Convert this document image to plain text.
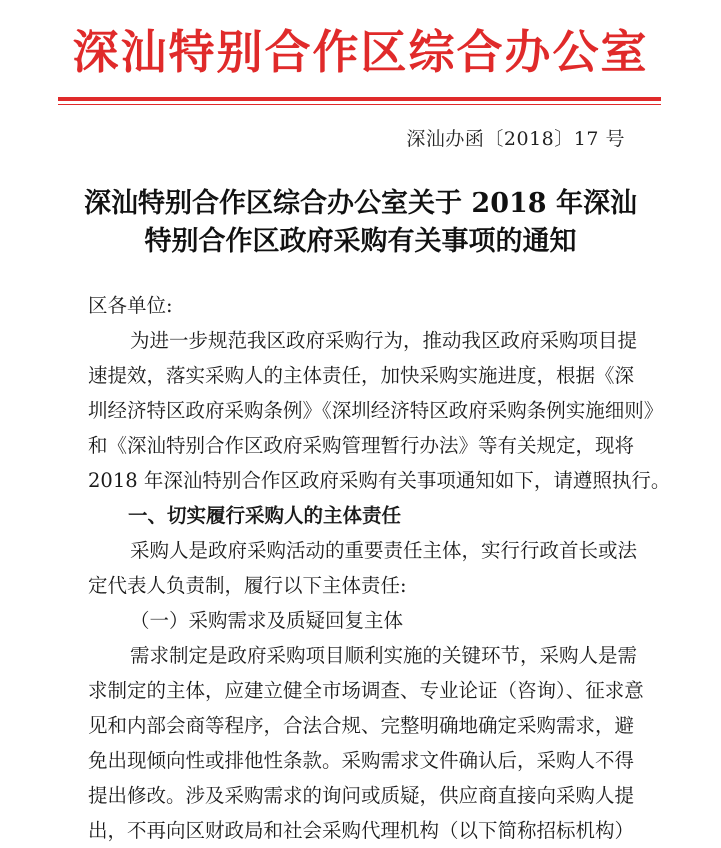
深汕特别合作区综合办公室
深汕办函〔2018〕17 号
深汕特别合作区综合办公室关于 2018 年深汕
特别合作区政府采购有关事项的通知
区各单位:
为进一步规范我区政府采购行为，推动我区政府采购项目提
速提效，落实采购人的主体责任，加快采购实施进度，根据《深
圳经济特区政府采购条例》《深圳经济特区政府采购条例实施细则》
和《深汕特别合作区政府采购管理暂行办法》等有关规定，现将
2018 年深汕特别合作区政府采购有关事项通知如下，请遵照执行。
一、切实履行采购人的主体责任
采购人是政府采购活动的重要责任主体，实行行政首长或法
定代表人负责制，履行以下主体责任:
（一）采购需求及质疑回复主体
需求制定是政府采购项目顺利实施的关键环节，采购人是需
求制定的主体，应建立健全市场调查、专业论证（咨询）、征求意
见和内部会商等程序，合法合规、完整明确地确定采购需求，避
免出现倾向性或排他性条款。采购需求文件确认后，采购人不得
提出修改。涉及采购需求的询问或质疑，供应商直接向采购人提
出，不再向区财政局和社会采购代理机构（以下简称招标机构）
